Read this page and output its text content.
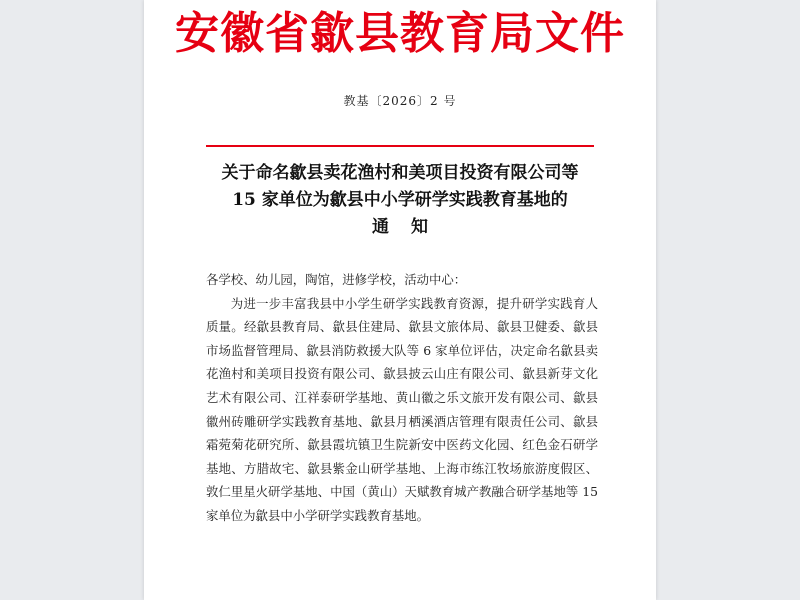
安徽省歙县教育局文件
教基〔2026〕2 号
关于命名歙县卖花渔村和美项目投资有限公司等
15 家单位为歙县中小学研学实践教育基地的
通知

各学校、幼儿园，陶馆，进修学校，活动中心：

为进一步丰富我县中小学生研学实践教育资源，提升研学实践育人质量。经歙县教育局、歙县住建局、歙县文旅体局、歙县卫健委、歙县市场监督管理局、歙县消防救援大队等 6 家单位评估，决定命名歙县卖花渔村和美项目投资有限公司、歙县披云山庄有限公司、歙县新芽文化艺术有限公司、江祥泰研学基地、黄山徽之乐文旅开发有限公司、歙县徽州砖雕研学实践教育基地、歙县月栖溪酒店管理有限责任公司、歙县霜菀菊花研究所、歙县霞坑镇卫生院新安中医药文化园、红色金石研学基地、方腊故宅、歙县紫金山研学基地、上海市练江牧场旅游度假区、敦仁里星火研学基地、中国（黄山）天赋教育城产教融合研学基地等 15 家单位为歙县中小学研学实践教育基地。
